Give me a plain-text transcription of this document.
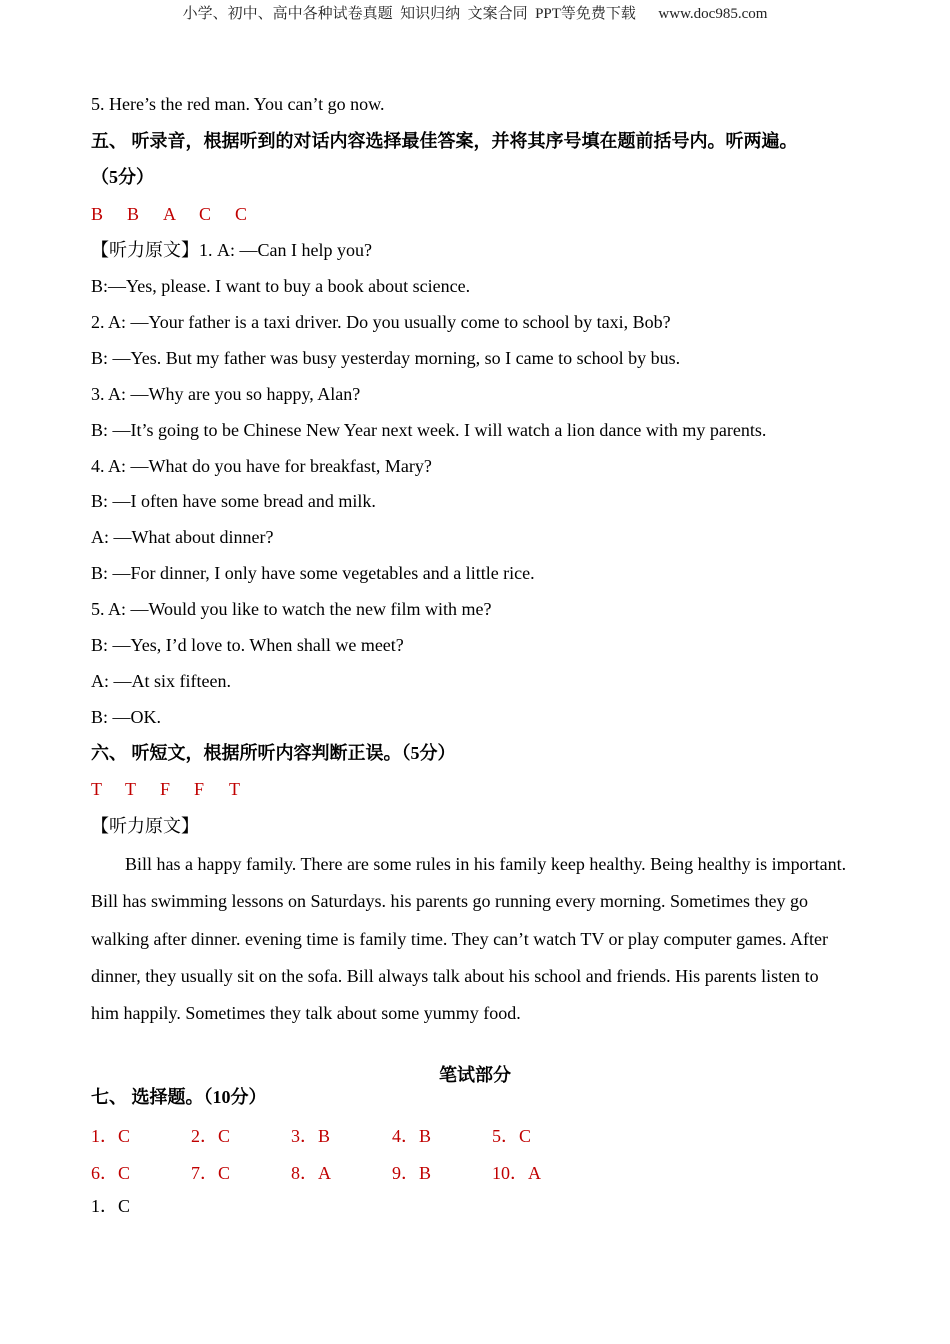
小学、初中、高中各种试卷真题  知识归纳  文案合同  PPT等免费下载      www.doc985.com
5. Here’s the red man. You can’t go now.
五、 听录音，根据听到的对话内容选择最佳答案，并将其序号填在题前括号内。听两遍。
（5分）
B B A C C
【听力原文】1. A: —Can I help you?
B:—Yes, please. I want to buy a book about science.
2. A: —Your father is a taxi driver. Do you usually come to school by taxi, Bob?
B: —Yes. But my father was busy yesterday morning, so I came to school by bus.
3. A: —Why are you so happy, Alan?
B: —It’s going to be Chinese New Year next week. I will watch a lion dance with my parents.
4. A: —What do you have for breakfast, Mary?
B: —I often have some bread and milk.
A: —What about dinner?
B: —For dinner, I only have some vegetables and a little rice.
5. A: —Would you like to watch the new film with me?
B: —Yes, I’d love to. When shall we meet?
A: —At six fifteen.
B: —OK.
六、 听短文，根据所听内容判断正误。（5分）
T T F F T
【听力原文】

Bill has a happy family. There are some rules in his family keep healthy. Being healthy is important. Bill has swimming lessons on Saturdays. his parents go running every morning. Sometimes they go walking after dinner. evening time is family time. They can’t watch TV or play computer games. After dinner, they usually sit on the sofa. Bill always talk about his school and friends. His parents listen to him happily. Sometimes they talk about some yummy food.

笔试部分
七、 选择题。（10分）
1．C	2．C	3．B	4．B	5．C
6．C	7．C	8．A	9．B	10．A
1．C
